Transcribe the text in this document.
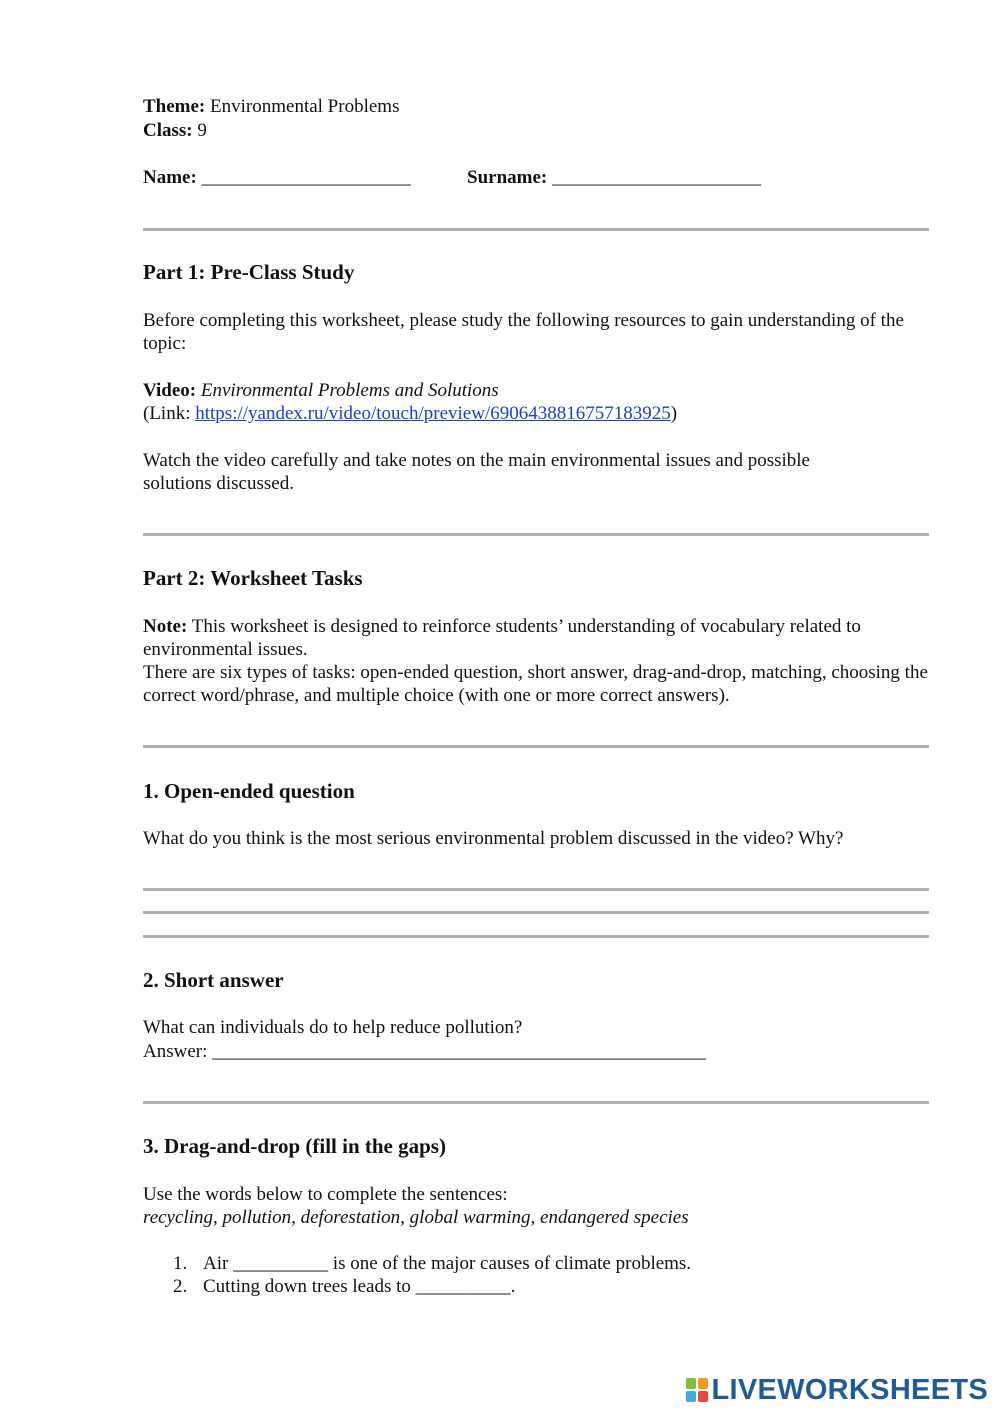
Theme: Environmental Problems
Class: 9
Name: ______________________	Surname: ______________________
Part 1: Pre-Class Study
Before completing this worksheet, please study the following resources to gain understanding of the topic:
Video: Environmental Problems and Solutions
(Link: https://yandex.ru/video/touch/preview/6906438816757183925)
Watch the video carefully and take notes on the main environmental issues and possible solutions discussed.
Part 2: Worksheet Tasks
Note: This worksheet is designed to reinforce students’ understanding of vocabulary related to environmental issues.
There are six types of tasks: open-ended question, short answer, drag-and-drop, matching, choosing the correct word/phrase, and multiple choice (with one or more correct answers).
1. Open-ended question
What do you think is the most serious environmental problem discussed in the video? Why?
2. Short answer
What can individuals do to help reduce pollution?
Answer: ____________________________________________________
3. Drag-and-drop (fill in the gaps)
Use the words below to complete the sentences:
recycling, pollution, deforestation, global warming, endangered species
1. Air __________ is one of the major causes of climate problems.
2. Cutting down trees leads to __________.
LIVEWORKSHEETS
